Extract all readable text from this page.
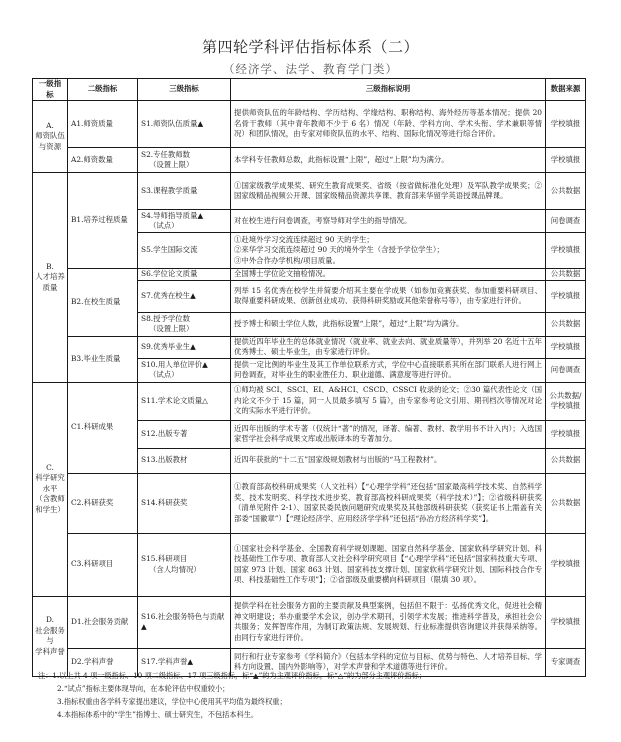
第四轮学科评估指标体系（二）
（经济学、法学、教育学门类）
一级指标	二级指标	三级指标	三级指标说明	数据来源

A.
师资队伍
与资源	A1.师资质量	S1.师资队伍质量▲	提供师资队伍的年龄结构、学历结构、学缘结构、职称结构、海外经历等基本情况；提供 20 名骨干教师（其中青年教师不少于 6 名）情况（年龄、学科方向、学术头衔、学术兼职等情况）和团队情况，由专家对师资队伍的水平、结构、国际化情况等进行综合评价。	学校填报
	A2.师资数量	S2.专任教师数
（设置上限）	本学科专任教师总数，此指标设置“上限”，超过“上限”均为满分。	学校填报

B.
人才培养
质量	B1.培养过程质量	S3.课程教学质量	①国家级教学成果奖、研究生教育成果奖、省级（按省做标准化处理）及军队教学成果奖；②国家级精品视频公开课、国家级精品资源共享课、教育部来华留学英语授课品牌课。	公共数据

		S4.导师指导质量▲
（试点）	对在校生进行问卷调查，考察导师对学生的指导情况。	问卷调查

		S5.学生国际交流	①赴境外学习交流连续超过 90 天的学生；
②来华学习交流连续超过 90 天的境外学生（含授予学位学生）；
③中外合作办学机构/项目质量。	学校填报
	B2.在校生质量	S6.学位论文质量	全国博士学位论文抽检情况。	公共数据

		S7.优秀在校生▲	列举 15 名优秀在校学生并简要介绍其主要在学成果（如参加竞赛获奖、参加重要科研项目、取得重要科研成果、创新创业成功、获得科研奖励或其他荣誉称号等），由专家进行评价。	学校填报

		S8.授予学位数
（设置上限）	授予博士和硕士学位人数，此指标设置“上限”，超过“上限”均为满分。	公共数据
	B3.毕业生质量	S9.优秀毕业生▲	提供近四年毕业生的总体就业情况（就业率、就业去向、就业质量等），并列举 20 名近十五年优秀博士、硕士毕业生，由专家进行评价。	学校填报

		S10.用人单位评价▲
（试点）	提供一定比例的毕业生及其工作单位联系方式，学位中心直接联系其所在部门联系人进行网上问卷调查，对毕业生的职业胜任力、职业道德、满意度等进行评价。	问卷调查

C.
科学研究
水平
（含教师
和学生）	C1.科研成果	S11.学术论文质量△	①师均被 SCI、SSCI、EI、A&HCI、CSCD、CSSCI 收录的论文；②30 篇代表性论文（国内论文不少于 15 篇，同一人员最多填写 5 篇），由专家参考论文引用、期刊档次等情况对论文的实际水平进行评价。	公共数据/学校填报

		S12.出版专著	近四年出版的学术专著（仅统计“著”的情况，译著、编著、教材、教学用书不计入内）；入选国家哲学社会科学成果文库或出版译本的专著加分。	学校填报

		S13.出版教材	近四年获批的“十二五”国家级规划教材与出版的“马工程教材”。	公共数据
	C2.科研获奖	S14.科研获奖	①教育部高校科研成果奖（人文社科）【“心理学学科”还包括“国家最高科学技术奖、自然科学奖、技术发明奖、科学技术进步奖、教育部高校科研成果奖（科学技术）”】；②省级科研获奖（清单见附件 2-1）、国家民委民族问题研究成果奖及其他部级科研获奖（获奖证书上需盖有关部委“国徽章”）【“理论经济学、应用经济学学科”还包括“孙冶方经济科学奖”】。	公共数据
	C3.科研项目	S15.科研项目
（含人均情况）	①国家社会科学基金、全国教育科学规划课题、国家自然科学基金、国家软科学研究计划、科技基础性工作专项、教育部人文社会科学研究项目【“心理学学科”还包括“国家科技重大专项、国家 973 计划、国家 863 计划、国家科技支撑计划、国家软科学研究计划、国际科技合作专项、科技基础性工作专项”】；②省部级及重要横向科研项目（限填 30 项）。	学校填报

D.
社会服务
与
学科声誉	D1.社会服务贡献	S16.社会服务特色与贡献
▲	提供学科在社会服务方面的主要贡献及典型案例，包括但不限于：弘扬优秀文化，促进社会精神文明建设；举办重要学术会议，创办学术期刊，引领学术发展；推进科学普及，承担社会公共服务；发挥智库作用，为制订政策法规、发展规划、行业标准提供咨询建议并获得采纳等。由同行专家进行评价。	学校填报
	D2.学科声誉	S17.学科声誉▲	同行和行业专家参考《学科简介》（包括本学科的定位与目标、优势与特色、人才培养目标、学科方向设置、国内外影响等），对学术声誉和学术道德等进行评价。	专家调查
注：1.以上共 4 项一级指标、10 项二级指标、17 项三级指标，标“▲”的为主观评价指标，标“△”的为部分主观评价指标；
2.“试点”指标主要体现导向，在本轮评估中权重较小；
3.指标权重由各学科专家提出建议，学位中心使用其平均值为最终权重；
4.本指标体系中的“学生”指博士、硕士研究生，不包括本科生。
